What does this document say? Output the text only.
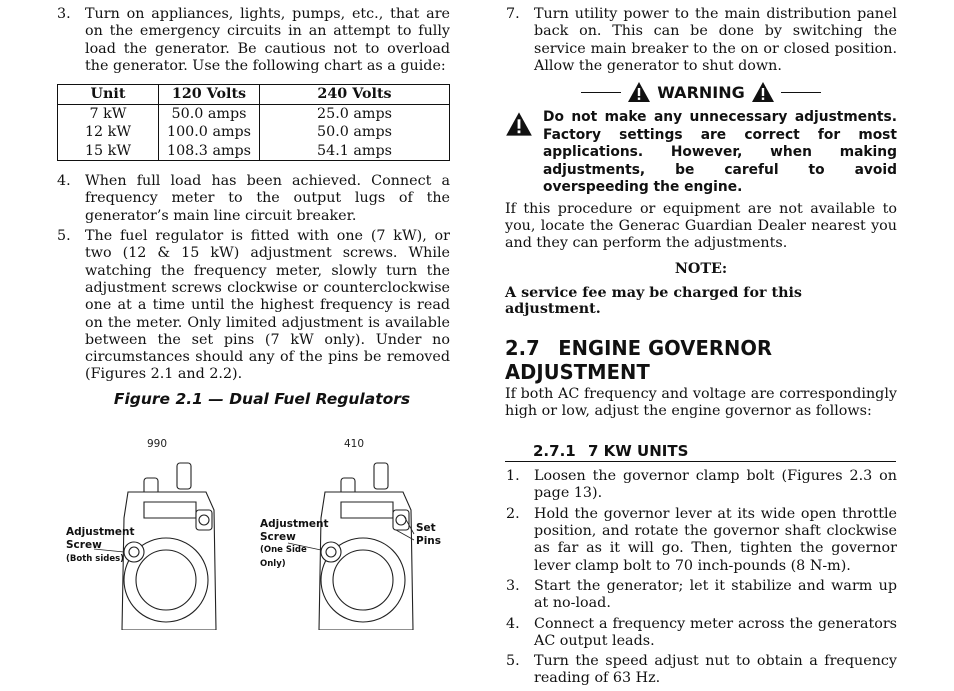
3. Turn on appliances, lights, pumps, etc., that are on the emergency circuits in an attempt to fully load the generator. Be cautious not to overload the generator. Use the following chart as a guide:
Unit	120 Volts	240 Volts
7 kW	50.0 amps	25.0 amps
12 kW	100.0 amps	50.0 amps
15 kW	108.3 amps	54.1 amps
4. When full load has been achieved. Connect a frequency meter to the output lugs of the generator’s main line circuit breaker.
5. The fuel regulator is fitted with one (7 kW), or two (12 & 15 kW) adjustment screws. While watching the frequency meter, slowly turn the adjustment screws clockwise or counterclockwise one at a time until the highest frequency is read on the meter. Only limited adjustment is available between the set pins (7 kW only). Under no circumstances should any of the pins be removed (Figures 2.1 and 2.2).
Figure 2.1 — Dual Fuel Regulators
990	410
Adjustment
Screw
(Both sides)
Adjustment
Screw
(One Side
Only)
Set
Pins
7. Turn utility power to the main distribution panel back on. This can be done by switching the service main breaker to the on or closed position. Allow the generator to shut down.
WARNING
Do not make any unnecessary adjustments. Factory settings are correct for most applications. However, when making adjustments, be careful to avoid overspeeding the engine.

If this procedure or equipment are not available to you, locate the Generac Guardian Dealer nearest you and they can perform the adjustments.

NOTE:

A service fee may be charged for this adjustment.

2.7 ENGINE GOVERNOR ADJUSTMENT

If both AC frequency and voltage are correspondingly high or low, adjust the engine governor as follows:

2.7.1 7 KW UNITS
1. Loosen the governor clamp bolt (Figures 2.3 on page 13).
2. Hold the governor lever at its wide open throttle position, and rotate the governor shaft clockwise as far as it will go. Then, tighten the governor lever clamp bolt to 70 inch-pounds (8 N-m).
3. Start the generator; let it stabilize and warm up at no-load.
4. Connect a frequency meter across the generators AC output leads.
5. Turn the speed adjust nut to obtain a frequency reading of 63 Hz.
